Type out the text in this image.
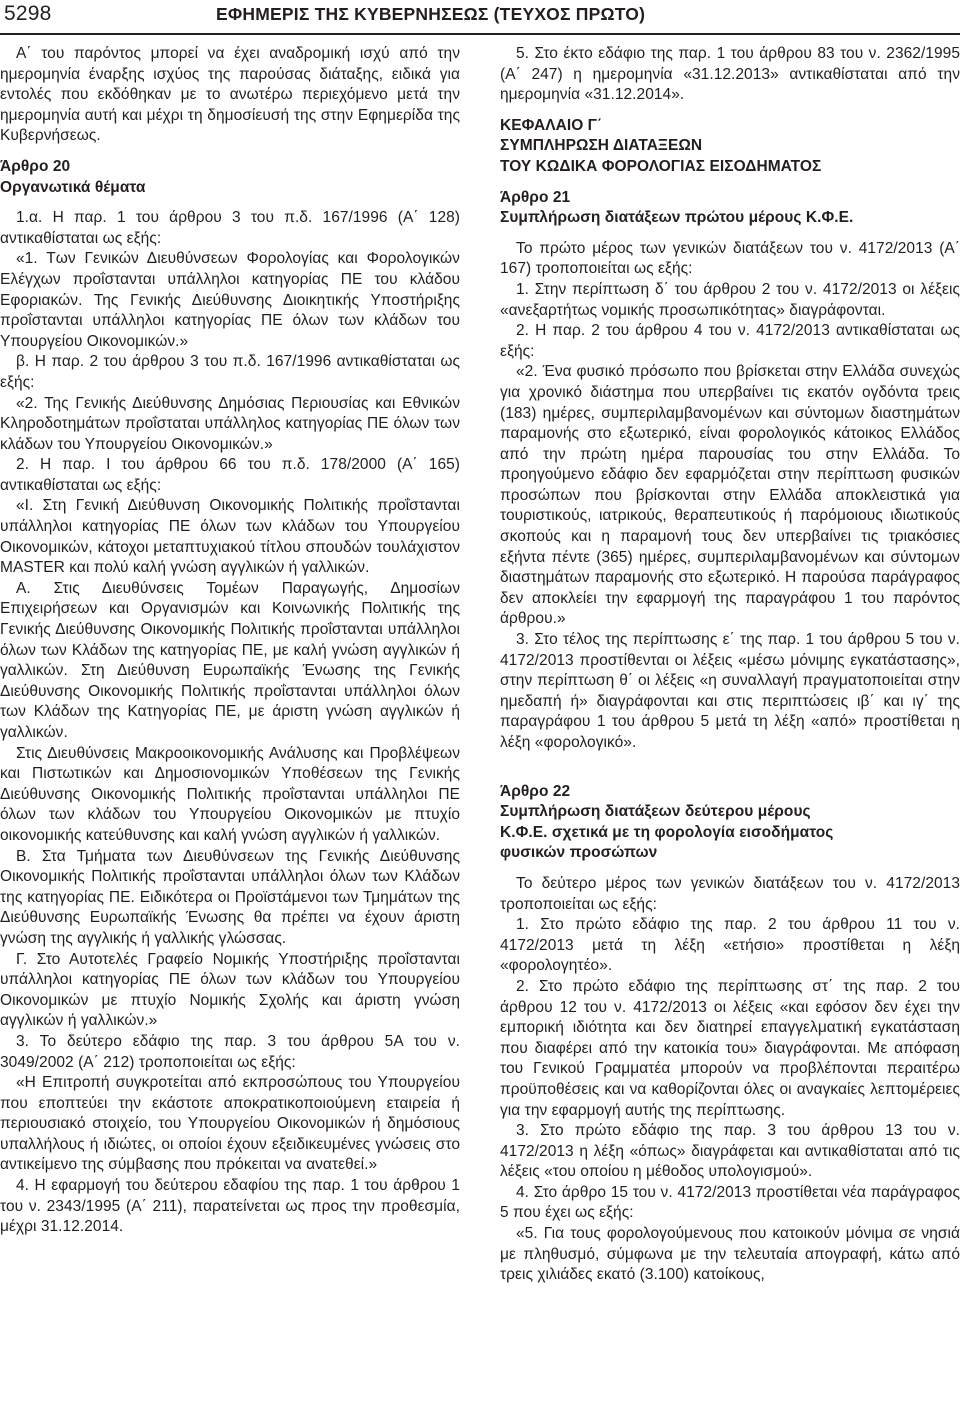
5298	ΕΦΗΜΕΡΙΣ ΤΗΣ ΚΥΒΕΡΝΗΣΕΩΣ (ΤΕΥΧΟΣ ΠΡΩΤΟ)

Α΄ του παρόντος μπορεί να έχει αναδρομική ισχύ από την ημερομηνία έναρξης ισχύος της παρούσας διάταξης, ειδικά για εντολές που εκδόθηκαν με το ανωτέρω περιεχόμενο μετά την ημερομηνία αυτή και μέχρι τη δημοσίευσή της στην Εφημερίδα της Κυβερνήσεως.

Άρθρο 20

Οργανωτικά θέματα

1.α. Η παρ. 1 του άρθρου 3 του π.δ. 167/1996 (Α΄ 128) αντικαθίσταται ως εξής:

«1. Των Γενικών Διευθύνσεων Φορολογίας και Φορολογικών Ελέγχων προΐστανται υπάλληλοι κατηγορίας ΠΕ του κλάδου Εφοριακών. Της Γενικής Διεύθυνσης Διοικητικής Υποστήριξης προΐστανται υπάλληλοι κατηγορίας ΠΕ όλων των κλάδων του Υπουργείου Οικονομικών.»

β. Η παρ. 2 του άρθρου 3 του π.δ. 167/1996 αντικαθίσταται ως εξής:

«2. Της Γενικής Διεύθυνσης Δημόσιας Περιουσίας και Εθνικών Κληροδοτημάτων προΐσταται υπάλληλος κατηγορίας ΠΕ όλων των κλάδων του Υπουργείου Οικονομικών.»

2. Η παρ. Ι του άρθρου 66 του π.δ. 178/2000 (Α΄ 165) αντικαθίσταται ως εξής:

«Ι. Στη Γενική Διεύθυνση Οικονομικής Πολιτικής προΐστανται υπάλληλοι κατηγορίας ΠΕ όλων των κλάδων του Υπουργείου Οικονομικών, κάτοχοι μεταπτυχιακού τίτλου σπουδών τουλάχιστον MASTER και πολύ καλή γνώση αγγλικών ή γαλλικών.

Α. Στις Διευθύνσεις Τομέων Παραγωγής, Δημοσίων Επιχειρήσεων και Οργανισμών και Κοινωνικής Πολιτικής της Γενικής Διεύθυνσης Οικονομικής Πολιτικής προΐστανται υπάλληλοι όλων των Κλάδων της κατηγορίας ΠΕ, με καλή γνώση αγγλικών ή γαλλικών. Στη Διεύθυνση Ευρωπαϊκής Ένωσης της Γενικής Διεύθυνσης Οικονομικής Πολιτικής προΐστανται υπάλληλοι όλων των Κλάδων της Κατηγορίας ΠΕ, με άριστη γνώση αγγλικών ή γαλλικών.

Στις Διευθύνσεις Μακροοικονομικής Ανάλυσης και Προβλέψεων και Πιστωτικών και Δημοσιονομικών Υποθέσεων της Γενικής Διεύθυνσης Οικονομικής Πολιτικής προΐστανται υπάλληλοι ΠΕ όλων των κλάδων του Υπουργείου Οικονομικών με πτυχίο οικονομικής κατεύθυνσης και καλή γνώση αγγλικών ή γαλλικών.

Β. Στα Τμήματα των Διευθύνσεων της Γενικής Διεύθυνσης Οικονομικής Πολιτικής προΐστανται υπάλληλοι όλων των Κλάδων της κατηγορίας ΠΕ. Ειδικότερα οι Προϊστάμενοι των Τμημάτων της Διεύθυνσης Ευρωπαϊκής Ένωσης θα πρέπει να έχουν άριστη γνώση της αγγλικής ή γαλλικής γλώσσας.

Γ. Στο Αυτοτελές Γραφείο Νομικής Υποστήριξης προΐστανται υπάλληλοι κατηγορίας ΠΕ όλων των κλάδων του Υπουργείου Οικονομικών με πτυχίο Νομικής Σχολής και άριστη γνώση αγγλικών ή γαλλικών.»

3. Το δεύτερο εδάφιο της παρ. 3 του άρθρου 5Α του ν. 3049/2002 (Α΄ 212) τροποποιείται ως εξής:

«Η Επιτροπή συγκροτείται από εκπροσώπους του Υπουργείου που εποπτεύει την εκάστοτε αποκρατικοποιούμενη εταιρεία ή περιουσιακό στοιχείο, του Υπουργείου Οικονομικών ή δημόσιους υπαλλήλους ή ιδιώτες, οι οποίοι έχουν εξειδικευμένες γνώσεις στο αντικείμενο της σύμβασης που πρόκειται να ανατεθεί.»

4. Η εφαρμογή του δεύτερου εδαφίου της παρ. 1 του άρθρου 1 του ν. 2343/1995 (Α΄ 211), παρατείνεται ως προς την προθεσμία, μέχρι 31.12.2014.

5. Στο έκτο εδάφιο της παρ. 1 του άρθρου 83 του ν. 2362/1995 (Α΄ 247) η ημερομηνία «31.12.2013» αντικαθίσταται από την ημερομηνία «31.12.2014».

ΚΕΦΑΛΑΙΟ Γ΄

ΣΥΜΠΛΗΡΩΣΗ ΔΙΑΤΑΞΕΩΝ

ΤΟΥ ΚΩΔΙΚΑ ΦΟΡΟΛΟΓΙΑΣ ΕΙΣΟΔΗΜΑΤΟΣ

Άρθρο 21

Συμπλήρωση διατάξεων πρώτου μέρους Κ.Φ.Ε.

Το πρώτο μέρος των γενικών διατάξεων του ν. 4172/2013 (Α΄ 167) τροποποιείται ως εξής:

1. Στην περίπτωση δ΄ του άρθρου 2 του ν. 4172/2013 οι λέξεις «ανεξαρτήτως νομικής προσωπικότητας» διαγράφονται.

2. Η παρ. 2 του άρθρου 4 του ν. 4172/2013 αντικαθίσταται ως εξής:

«2. Ένα φυσικό πρόσωπο που βρίσκεται στην Ελλάδα συνεχώς για χρονικό διάστημα που υπερβαίνει τις εκατόν ογδόντα τρεις (183) ημέρες, συμπεριλαμβανομένων και σύντομων διαστημάτων παραμονής στο εξωτερικό, είναι φορολογικός κάτοικος Ελλάδος από την πρώτη ημέρα παρουσίας του στην Ελλάδα. Το προηγούμενο εδάφιο δεν εφαρμόζεται στην περίπτωση φυσικών προσώπων που βρίσκονται στην Ελλάδα αποκλειστικά για τουριστικούς, ιατρικούς, θεραπευτικούς ή παρόμοιους ιδιωτικούς σκοπούς και η παραμονή τους δεν υπερβαίνει τις τριακόσιες εξήντα πέντε (365) ημέρες, συμπεριλαμβανομένων και σύντομων διαστημάτων παραμονής στο εξωτερικό. Η παρούσα παράγραφος δεν αποκλείει την εφαρμογή της παραγράφου 1 του παρόντος άρθρου.»

3. Στο τέλος της περίπτωσης ε΄ της παρ. 1 του άρθρου 5 του ν. 4172/2013 προστίθενται οι λέξεις «μέσω μόνιμης εγκατάστασης», στην περίπτωση θ΄ οι λέξεις «η συναλλαγή πραγματοποιείται στην ημεδαπή ή» διαγράφονται και στις περιπτώσεις ιβ΄ και ιγ΄ της παραγράφου 1 του άρθρου 5 μετά τη λέξη «από» προστίθεται η λέξη «φορολογικό».

Άρθρο 22

Συμπλήρωση διατάξεων δεύτερου μέρους

Κ.Φ.Ε. σχετικά με τη φορολογία εισοδήματος

φυσικών προσώπων

Το δεύτερο μέρος των γενικών διατάξεων του ν. 4172/2013 τροποποιείται ως εξής:

1. Στο πρώτο εδάφιο της παρ. 2 του άρθρου 11 του ν. 4172/2013 μετά τη λέξη «ετήσιο» προστίθεται η λέξη «φορολογητέο».

2. Στο πρώτο εδάφιο της περίπτωσης στ΄ της παρ. 2 του άρθρου 12 του ν. 4172/2013 οι λέξεις «και εφόσον δεν έχει την εμπορική ιδιότητα και δεν διατηρεί επαγγελματική εγκατάσταση που διαφέρει από την κατοικία του» διαγράφονται. Με απόφαση του Γενικού Γραμματέα μπορούν να προβλέπονται περαιτέρω προϋποθέσεις και να καθορίζονται όλες οι αναγκαίες λεπτομέρειες για την εφαρμογή αυτής της περίπτωσης.

3. Στο πρώτο εδάφιο της παρ. 3 του άρθρου 13 του ν. 4172/2013 η λέξη «όπως» διαγράφεται και αντικαθίσταται από τις λέξεις «του οποίου η μέθοδος υπολογισμού».

4. Στο άρθρο 15 του ν. 4172/2013 προστίθεται νέα παράγραφος 5 που έχει ως εξής:

«5. Για τους φορολογούμενους που κατοικούν μόνιμα σε νησιά με πληθυσμό, σύμφωνα με την τελευταία απογραφή, κάτω από τρεις χιλιάδες εκατό (3.100) κατοίκους,
